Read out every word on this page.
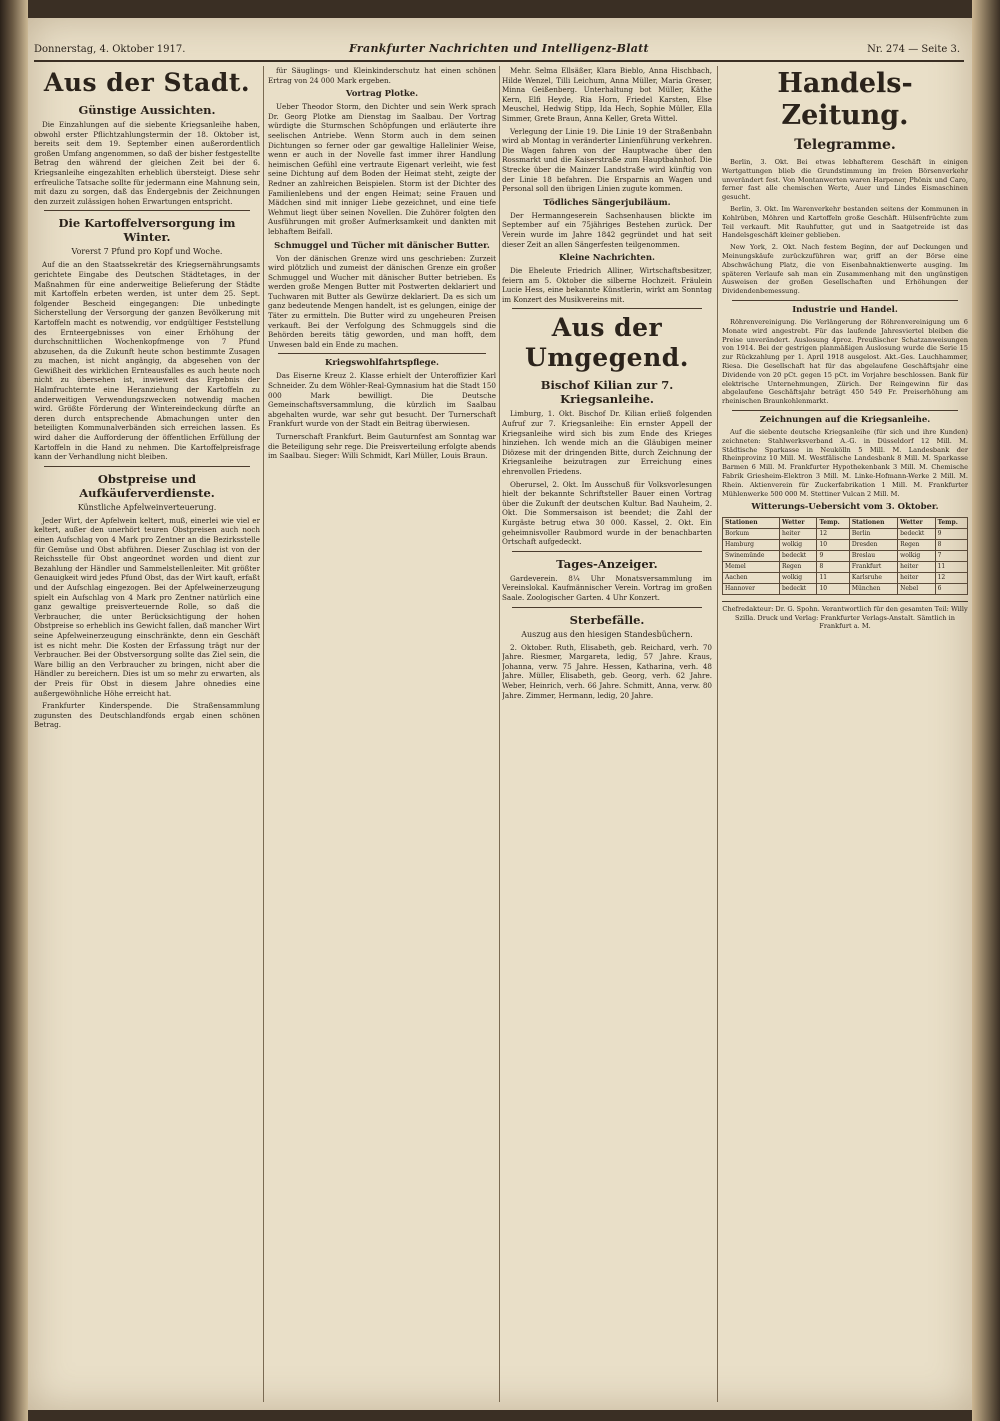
Donnerstag, 4. Oktober 1917.	Frankfurter Nachrichten und Intelligenz-Blatt	Nr. 274 — Seite 3.
Aus der Stadt.
Günstige Aussichten.

Die Einzahlungen auf die siebente Kriegsanleihe haben, obwohl erster Pflichtzahlungstermin der 18. Oktober ist, bereits seit dem 19. September einen außerordentlich großen Umfang angenommen, so daß der bisher festgestellte Betrag den während der gleichen Zeit bei der 6. Kriegsanleihe eingezahlten erheblich übersteigt. Diese sehr erfreuliche Tatsache sollte für jedermann eine Mahnung sein, mit dazu zu sorgen, daß das Endergebnis der Zeichnungen den zurzeit zulässigen hohen Erwartungen entspricht.

Die Kartoffelversorgung im Winter.
Vorerst 7 Pfund pro Kopf und Woche.

Auf die an den Staatssekretär des Kriegsernährungsamts gerichtete Eingabe des Deutschen Städtetages, in der Maßnahmen für eine anderweitige Belieferung der Städte mit Kartoffeln erbeten werden, ist unter dem 25. Sept. folgender Bescheid eingegangen: Die unbedingte Sicherstellung der Versorgung der ganzen Bevölkerung mit Kartoffeln macht es notwendig, vor endgültiger Feststellung des Ernteergebnisses von einer Erhöhung der durchschnittlichen Wochenkopfmenge von 7 Pfund abzusehen, da die Zukunft heute schon bestimmte Zusagen zu machen, ist nicht angängig, da abgesehen von der Gewißheit des wirklichen Ernteausfalles es auch heute noch nicht zu übersehen ist, inwieweit das Ergebnis der Halmfruchternte eine Heranziehung der Kartoffeln zu anderweitigen Verwendungszwecken notwendig machen wird. Größte Förderung der Wintereindeckung dürfte an deren durch entsprechende Abmachungen unter den beteiligten Kommunalverbänden sich erreichen lassen. Es wird daher die Aufforderung der öffentlichen Erfüllung der Kartoffeln in die Hand zu nehmen. Die Kartoffelpreisfrage kann der Verhandlung nicht bleiben.

Obstpreise und Aufkäuferverdienste.
Künstliche Apfelweinverteuerung.

Jeder Wirt, der Apfelwein keltert, muß, einerlei wie viel er keltert, außer den unerhört teuren Obstpreisen auch noch einen Aufschlag von 4 Mark pro Zentner an die Bezirksstelle für Gemüse und Obst abführen. Dieser Zuschlag ist von der Reichsstelle für Obst angeordnet worden und dient zur Bezahlung der Händler und Sammelstellenleiter. Mit größter Genauigkeit wird jedes Pfund Obst, das der Wirt kauft, erfaßt und der Aufschlag eingezogen. Bei der Apfelweinerzeugung spielt ein Aufschlag von 4 Mark pro Zentner natürlich eine ganz gewaltige preisverteuernde Rolle, so daß die Verbraucher, die unter Berücksichtigung der hohen Obstpreise so erheblich ins Gewicht fallen, daß mancher Wirt seine Apfelweinerzeugung einschränkte, denn ein Geschäft ist es nicht mehr. Die Kosten der Erfassung trägt nur der Verbraucher. Bei der Obstversorgung sollte das Ziel sein, die Ware billig an den Verbraucher zu bringen, nicht aber die Händler zu bereichern. Dies ist um so mehr zu erwarten, als der Preis für Obst in diesem Jahre ohnedies eine außergewöhnliche Höhe erreicht hat.

Frankfurter Kinderspende. Die Straßensammlung zugunsten des Deutschlandfonds ergab einen schönen Betrag.

für Säuglings- und Kleinkinderschutz hat einen schönen Ertrag von 24 000 Mark ergeben.

Vortrag Plotke.

Ueber Theodor Storm, den Dichter und sein Werk sprach Dr. Georg Plotke am Dienstag im Saalbau. Der Vortrag würdigte die Sturmschen Schöpfungen und erläuterte ihre seelischen Antriebe. Wenn Storm auch in dem seinen Dichtungen so ferner oder gar gewaltige Hallelinier Weise, wenn er auch in der Novelle fast immer ihrer Handlung heimischen Gefühl eine vertraute Eigenart verleiht, wie fest seine Dichtung auf dem Boden der Heimat steht, zeigte der Redner an zahlreichen Beispielen. Storm ist der Dichter des Familienlebens und der engen Heimat; seine Frauen und Mädchen sind mit inniger Liebe gezeichnet, und eine tiefe Wehmut liegt über seinen Novellen. Die Zuhörer folgten den Ausführungen mit großer Aufmerksamkeit und dankten mit lebhaftem Beifall.

Schmuggel und Tücher mit dänischer Butter.

Von der dänischen Grenze wird uns geschrieben: Zurzeit wird plötzlich und zumeist der dänischen Grenze ein großer Schmuggel und Wucher mit dänischer Butter betrieben. Es werden große Mengen Butter mit Postwerten deklariert und Tuchwaren mit Butter als Gewürze deklariert. Da es sich um ganz bedeutende Mengen handelt, ist es gelungen, einige der Täter zu ermitteln. Die Butter wird zu ungeheuren Preisen verkauft. Bei der Verfolgung des Schmuggels sind die Behörden bereits tätig geworden, und man hofft, dem Unwesen bald ein Ende zu machen.

Kriegswohlfahrtspflege.

Das Eiserne Kreuz 2. Klasse erhielt der Unteroffizier Karl Schneider. Zu dem Wöhler-Real-Gymnasium hat die Stadt 150 000 Mark bewilligt. Die Deutsche Gemeinschaftsversammlung, die kürzlich im Saalbau abgehalten wurde, war sehr gut besucht. Der Turnerschaft Frankfurt wurde von der Stadt ein Beitrag überwiesen.

Turnerschaft Frankfurt. Beim Gauturnfest am Sonntag war die Beteiligung sehr rege. Die Preisverteilung erfolgte abends im Saalbau. Sieger: Willi Schmidt, Karl Müller, Louis Braun.

Mehr. Selma Ellsäßer, Klara Bieblo, Anna Hischbach, Hilde Wenzel, Tilli Leichum, Anna Müller, Maria Greser, Minna Geißenberg. Unterhaltung bot Müller, Käthe Kern, Elfi Heyde, Ria Horn, Friedel Karsten, Else Meuschel, Hedwig Stipp, Ida Hech, Sophie Müller, Ella Simmer, Grete Braun, Anna Keller, Greta Wittel.

Verlegung der Linie 19. Die Linie 19 der Straßenbahn wird ab Montag in veränderter Linienführung verkehren. Die Wagen fahren von der Hauptwache über den Rossmarkt und die Kaiserstraße zum Hauptbahnhof. Die Strecke über die Mainzer Landstraße wird künftig von der Linie 18 befahren. Die Ersparnis an Wagen und Personal soll den übrigen Linien zugute kommen.

Tödliches Sängerjubiläum.

Der Hermanngeserein Sachsenhausen blickte im September auf ein 75jähriges Bestehen zurück. Der Verein wurde im Jahre 1842 gegründet und hat seit dieser Zeit an allen Sängerfesten teilgenommen.

Kleine Nachrichten.

Die Eheleute Friedrich Alliner, Wirtschaftsbesitzer, feiern am 5. Oktober die silberne Hochzeit. Fräulein Lucie Hess, eine bekannte Künstlerin, wirkt am Sonntag im Konzert des Musikvereins mit.

Aus der Umgegend.
Bischof Kilian zur 7. Kriegsanleihe.

Limburg, 1. Okt. Bischof Dr. Kilian erließ folgenden Aufruf zur 7. Kriegsanleihe: Ein ernster Appell der Kriegsanleihe wird sich bis zum Ende des Krieges hinziehen. Ich wende mich an die Gläubigen meiner Diözese mit der dringenden Bitte, durch Zeichnung der Kriegsanleihe beizutragen zur Erreichung eines ehrenvollen Friedens.

Oberursel, 2. Okt. Im Ausschuß für Volksvorlesungen hielt der bekannte Schriftsteller Bauer einen Vortrag über die Zukunft der deutschen Kultur. Bad Nauheim, 2. Okt. Die Sommersaison ist beendet; die Zahl der Kurgäste betrug etwa 30 000. Kassel, 2. Okt. Ein geheimnisvoller Raubmord wurde in der benachbarten Ortschaft aufgedeckt.

Tages-Anzeiger.

Gardeverein. 8¼ Uhr Monatsversammlung im Vereinslokal. Kaufmännischer Verein. Vortrag im großen Saale. Zoologischer Garten. 4 Uhr Konzert.

Sterbefälle.
Auszug aus den hiesigen Standesbüchern.

2. Oktober. Ruth, Elisabeth, geb. Reichard, verh. 70 Jahre. Riesmer, Margareta, ledig, 57 Jahre. Kraus, Johanna, verw. 75 Jahre. Hessen, Katharina, verh. 48 Jahre. Müller, Elisabeth, geb. Georg, verh. 62 Jahre. Weber, Heinrich, verh. 66 Jahre. Schmitt, Anna, verw. 80 Jahre. Zimmer, Hermann, ledig, 20 Jahre.

Handels-Zeitung.
Telegramme.

Berlin, 3. Okt. Bei etwas lebhafterem Geschäft in einigen Wertgattungen blieb die Grundstimmung im freien Börsenverkehr unverändert fest. Von Montanwerten waren Harpener, Phönix und Caro, ferner fast alle chemischen Werte, Auer und Lindes Eismaschinen gesucht.

Berlin, 3. Okt. Im Warenverkehr bestanden seitens der Kommunen in Kohlrüben, Möhren und Kartoffeln große Geschäft. Hülsenfrüchte zum Teil verkauft. Mit Rauhfutter, gut und in Saatgetreide ist das Handelsgeschäft kleiner geblieben.

New York, 2. Okt. Nach festem Beginn, der auf Deckungen und Meinungskäufe zurückzuführen war, griff an der Börse eine Abschwächung Platz, die von Eisenbahnaktienwerte ausging. Im späteren Verlaufe sah man ein Zusammenhang mit den ungünstigen Ausweisen der großen Gesellschaften und Erhöhungen der Dividendenbemessung.

Industrie und Handel.

Röhrenvereinigung. Die Verlängerung der Röhrenvereinigung um 6 Monate wird angestrebt. Für das laufende Jahresviertel bleiben die Preise unverändert. Auslosung 4proz. Preußischer Schatzanweisungen von 1914. Bei der gestrigen planmäßigen Auslosung wurde die Serie 15 zur Rückzahlung per 1. April 1918 ausgelost. Akt.-Ges. Lauchhammer, Riesa. Die Gesellschaft hat für das abgelaufene Geschäftsjahr eine Dividende von 20 pCt. gegen 15 pCt. im Vorjahre beschlossen. Bank für elektrische Unternehmungen, Zürich. Der Reingewinn für das abgelaufene Geschäftsjahr beträgt 450 549 Fr. Preiserhöhung am rheinischen Braunkohlenmarkt.

Zeichnungen auf die Kriegsanleihe.

Auf die siebente deutsche Kriegsanleihe (für sich und ihre Kunden) zeichneten: Stahlwerksverband A.-G. in Düsseldorf 12 Mill. M. Städtische Sparkasse in Neukölln 5 Mill. M. Landesbank der Rheinprovinz 10 Mill. M. Westfälische Landesbank 8 Mill. M. Sparkasse Barmen 6 Mill. M. Frankfurter Hypothekenbank 3 Mill. M. Chemische Fabrik Griesheim-Elektron 3 Mill. M. Linke-Hofmann-Werke 2 Mill. M. Rhein. Aktienverein für Zuckerfabrikation 1 Mill. M. Frankfurter Mühlenwerke 500 000 M. Stettiner Vulcan 2 Mill. M.

Witterungs-Uebersicht vom 3. Oktober.
Stationen	Wetter	Temp.	Stationen	Wetter	Temp.
Borkum	heiter	12	Berlin	bedeckt	9
Hamburg	wolkig	10	Dresden	Regen	8
Swinemünde	bedeckt	9	Breslau	wolkig	7
Memel	Regen	8	Frankfurt	heiter	11
Aachen	wolkig	11	Karlsruhe	heiter	12
Hannover	bedeckt	10	München	Nebel	6
Chefredakteur: Dr. G. Spohn. Verantwortlich für den gesamten Teil: Willy Szilla. Druck und Verlag: Frankfurter Verlags-Anstalt. Sämtlich in Frankfurt a. M.
